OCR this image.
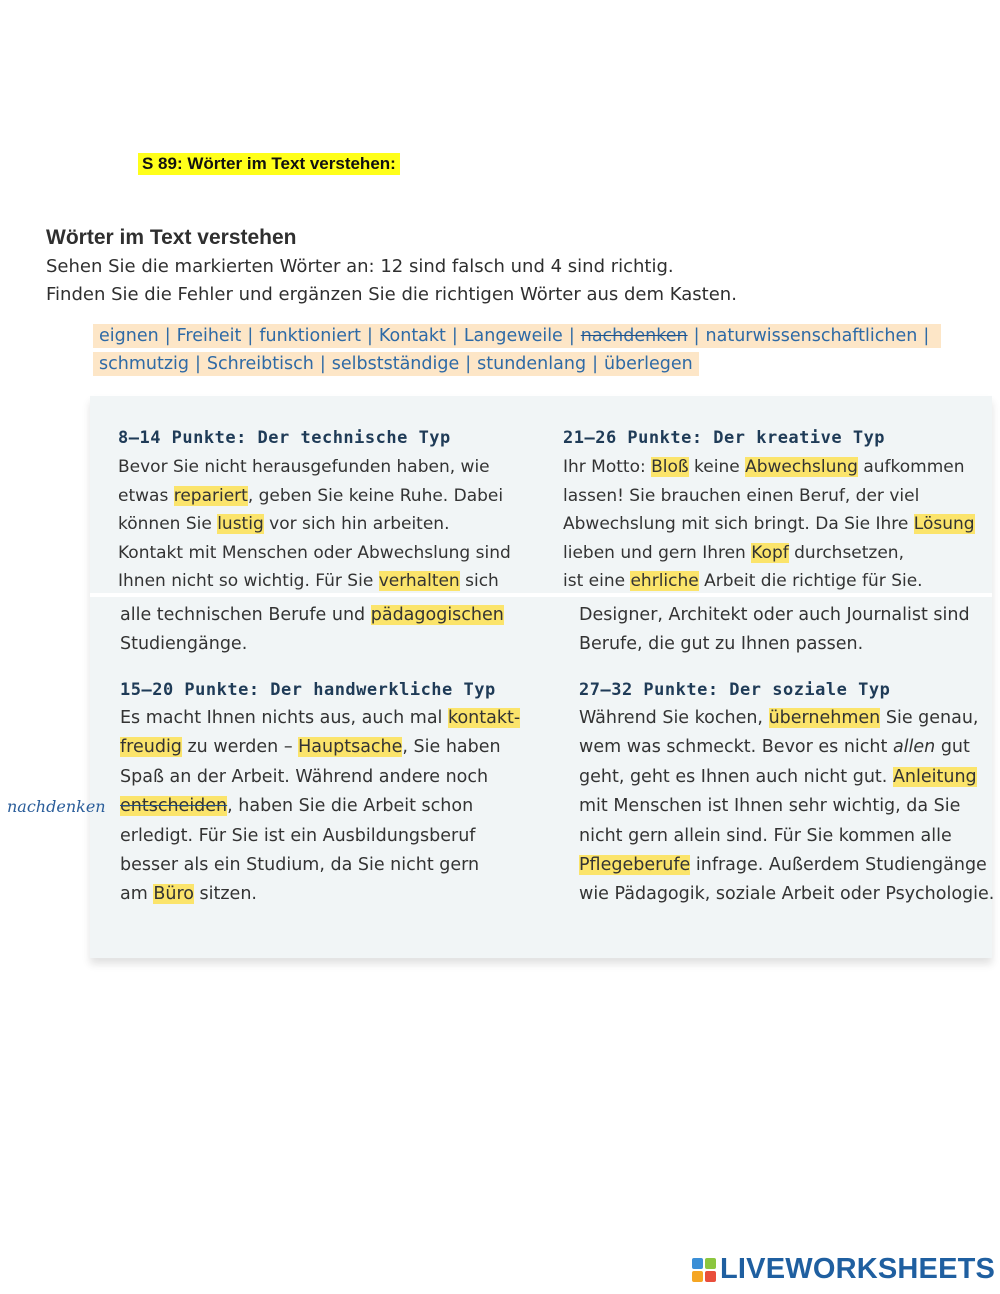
S 89: Wörter im Text verstehen:
Wörter im Text verstehen
Sehen Sie die markierten Wörter an: 12 sind falsch und 4 sind richtig.
Finden Sie die Fehler und ergänzen Sie die richtigen Wörter aus dem Kasten.
eignen | Freiheit | funktioniert | Kontakt | Langeweile | nachdenken | naturwissenschaftlichen |
schmutzig | Schreibtisch | selbstständige | stundenlang | überlegen
8–14 Punkte: Der technische Typ
Bevor Sie nicht herausgefunden haben, wie
etwas repariert, geben Sie keine Ruhe. Dabei
können Sie lustig vor sich hin arbeiten.
Kontakt mit Menschen oder Abwechslung sind
Ihnen nicht so wichtig. Für Sie verhalten sich
alle technischen Berufe und pädagogischen
Studiengänge.
21–26 Punkte: Der kreative Typ
Ihr Motto: Bloß keine Abwechslung aufkommen
lassen! Sie brauchen einen Beruf, der viel
Abwechslung mit sich bringt. Da Sie Ihre Lösung
lieben und gern Ihren Kopf durchsetzen,
ist eine ehrliche Arbeit die richtige für Sie.
Designer, Architekt oder auch Journalist sind
Berufe, die gut zu Ihnen passen.
15–20 Punkte: Der handwerkliche Typ
Es macht Ihnen nichts aus, auch mal kontakt-
freudig zu werden – Hauptsache, Sie haben
Spaß an der Arbeit. Während andere noch
entscheiden, haben Sie die Arbeit schon
erledigt. Für Sie ist ein Ausbildungsberuf
besser als ein Studium, da Sie nicht gern
am Büro sitzen.
27–32 Punkte: Der soziale Typ
Während Sie kochen, übernehmen Sie genau,
wem was schmeckt. Bevor es nicht allen gut
geht, geht es Ihnen auch nicht gut. Anleitung
mit Menschen ist Ihnen sehr wichtig, da Sie
nicht gern allein sind. Für Sie kommen alle
Pflegeberufe infrage. Außerdem Studiengänge
wie Pädagogik, soziale Arbeit oder Psychologie.
nachdenken
LIVEWORKSHEETS
